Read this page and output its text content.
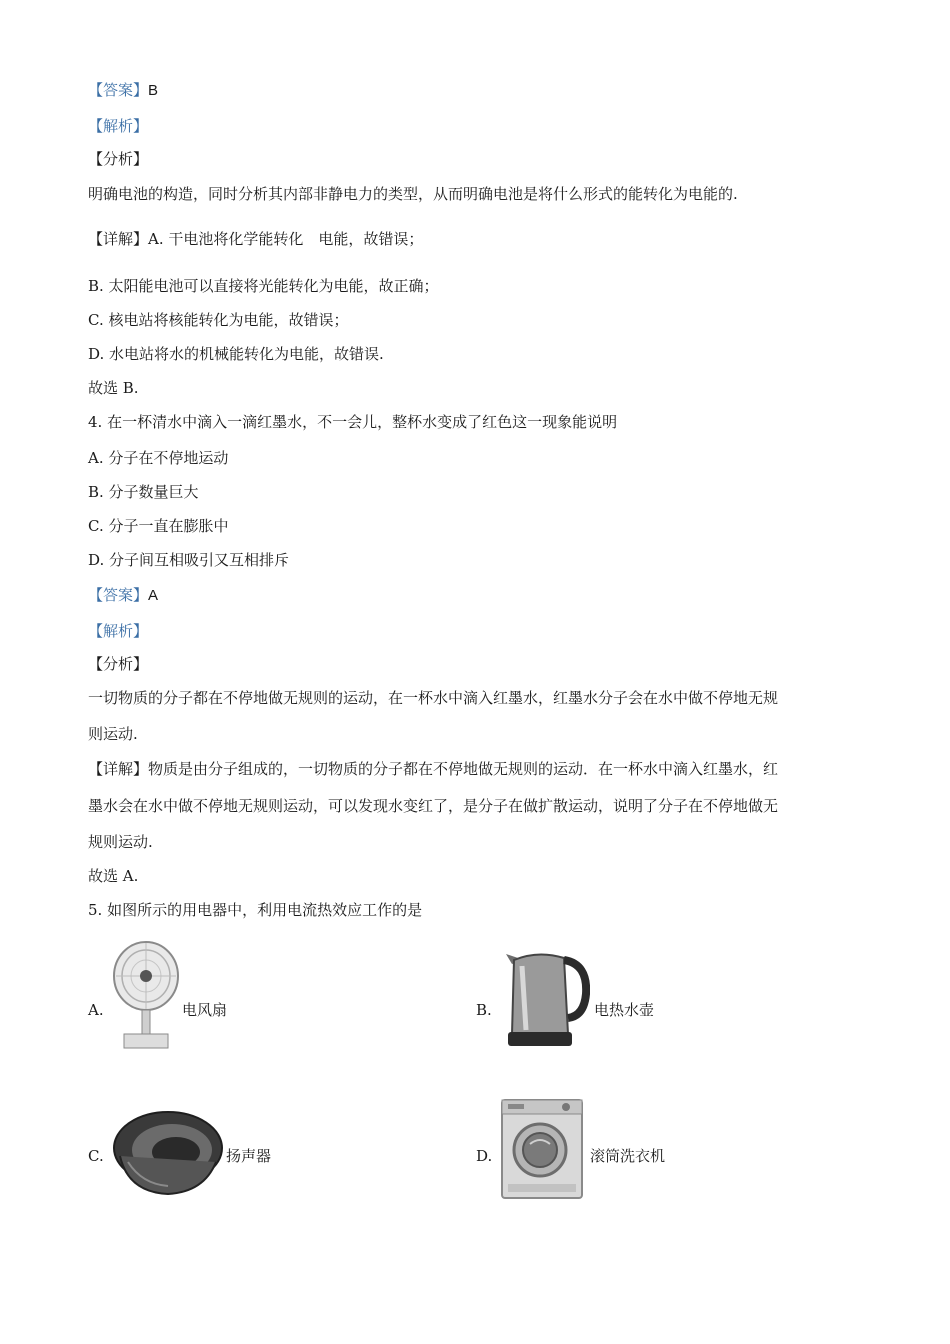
【答案】B
【解析】
【分析】
明确电池的构造，同时分析其内部非静电力的类型，从而明确电池是将什么形式的能转化为电能的.
【详解】A. 干电池将化学能转化　电能，故错误；
B. 太阳能电池可以直接将光能转化为电能，故正确；
C. 核电站将核能转化为电能，故错误；
D. 水电站将水的机械能转化为电能，故错误.
故选 B.
4. 在一杯清水中滴入一滴红墨水，不一会儿，整杯水变成了红色这一现象能说明
A. 分子在不停地运动
B. 分子数量巨大
C. 分子一直在膨胀中
D. 分子间互相吸引又互相排斥
【答案】A
【解析】
【分析】
一切物质的分子都在不停地做无规则的运动，在一杯水中滴入红墨水，红墨水分子会在水中做不停地无规
则运动.
【详解】物质是由分子组成的，一切物质的分子都在不停地做无规则的运动．在一杯水中滴入红墨水，红
墨水会在水中做不停地无规则运动，可以发现水变红了，是分子在做扩散运动，说明了分子在不停地做无
规则运动.
故选 A.
5. 如图所示的用电器中，利用电流热效应工作的是
A.	电风扇	B.	电热水壶
C.	扬声器	D.	滚筒洗衣机
